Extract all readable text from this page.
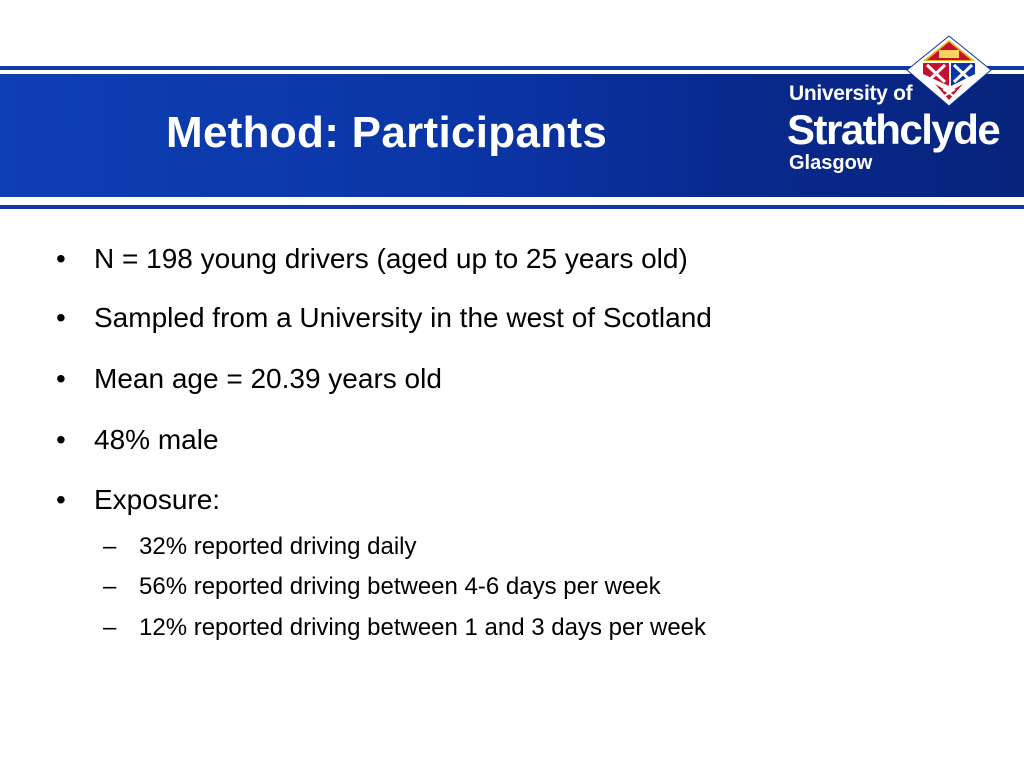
Method: Participants
University of
Strathclyde
Glasgow
• N = 198 young drivers (aged up to 25 years old)
• Sampled from a University in the west of Scotland
• Mean age = 20.39 years old
• 48% male
• Exposure:
– 32% reported driving daily
– 56% reported driving between 4-6 days per week
– 12% reported driving between 1 and 3 days per week
